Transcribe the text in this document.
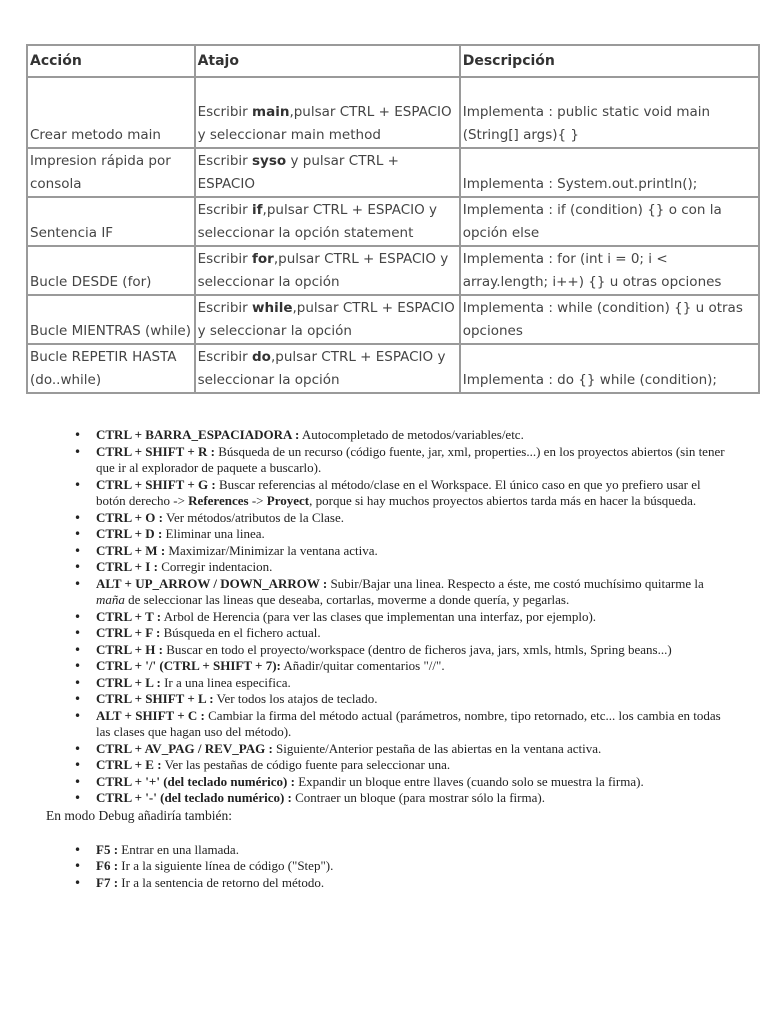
Acción	Atajo	Descripción
Crear metodo main	Escribir main,pulsar CTRL + ESPACIO y seleccionar main method	Implementa : public static void main (String[] args){ }
Impresion rápida por consola	Escribir syso y pulsar CTRL + ESPACIO	Implementa : System.out.println();
Sentencia IF	Escribir if,pulsar CTRL + ESPACIO y seleccionar la opción statement	Implementa : if (condition) {} o con la opción else
Bucle DESDE (for)	Escribir for,pulsar CTRL + ESPACIO y seleccionar la opción	Implementa : for (int i = 0; i < array.length; i++) {} u otras opciones
Bucle MIENTRAS (while)	Escribir while,pulsar CTRL + ESPACIO y seleccionar la opción	Implementa : while (condition) {} u otras opciones
Bucle REPETIR HASTA (do..while)	Escribir do,pulsar CTRL + ESPACIO y seleccionar la opción	Implementa : do {} while (condition);
• CTRL + BARRA_ESPACIADORA : Autocompletado de metodos/variables/etc.
• CTRL + SHIFT + R : Búsqueda de un recurso (código fuente, jar, xml, properties...) en los proyectos abiertos (sin tener que ir al explorador de paquete a buscarlo).
• CTRL + SHIFT + G : Buscar referencias al método/clase en el Workspace. El único caso en que yo prefiero usar el botón derecho -> References -> Proyect, porque si hay muchos proyectos abiertos tarda más en hacer la búsqueda.
• CTRL + O : Ver métodos/atributos de la Clase.
• CTRL + D : Eliminar una linea.
• CTRL + M : Maximizar/Minimizar la ventana activa.
• CTRL + I : Corregir indentacion.
• ALT + UP_ARROW / DOWN_ARROW : Subir/Bajar una linea. Respecto a éste, me costó muchísimo quitarme la maña de seleccionar las lineas que deseaba, cortarlas, moverme a donde quería, y pegarlas.
• CTRL + T : Arbol de Herencia (para ver las clases que implementan una interfaz, por ejemplo).
• CTRL + F : Búsqueda en el fichero actual.
• CTRL + H : Buscar en todo el proyecto/workspace (dentro de ficheros java, jars, xmls, htmls, Spring beans...)
• CTRL + '/' (CTRL + SHIFT + 7): Añadir/quitar comentarios "//".
• CTRL + L : Ir a una linea especifica.
• CTRL + SHIFT + L : Ver todos los atajos de teclado.
• ALT + SHIFT + C : Cambiar la firma del método actual (parámetros, nombre, tipo retornado, etc... los cambia en todas las clases que hagan uso del método).
• CTRL + AV_PAG / REV_PAG : Siguiente/Anterior pestaña de las abiertas en la ventana activa.
• CTRL + E : Ver las pestañas de código fuente para seleccionar una.
• CTRL + '+' (del teclado numérico) : Expandir un bloque entre llaves (cuando solo se muestra la firma).
• CTRL + '-' (del teclado numérico) : Contraer un bloque (para mostrar sólo la firma).

En modo Debug añadiría también:

• F5 : Entrar en una llamada.
• F6 : Ir a la siguiente línea de código ("Step").
• F7 : Ir a la sentencia de retorno del método.
